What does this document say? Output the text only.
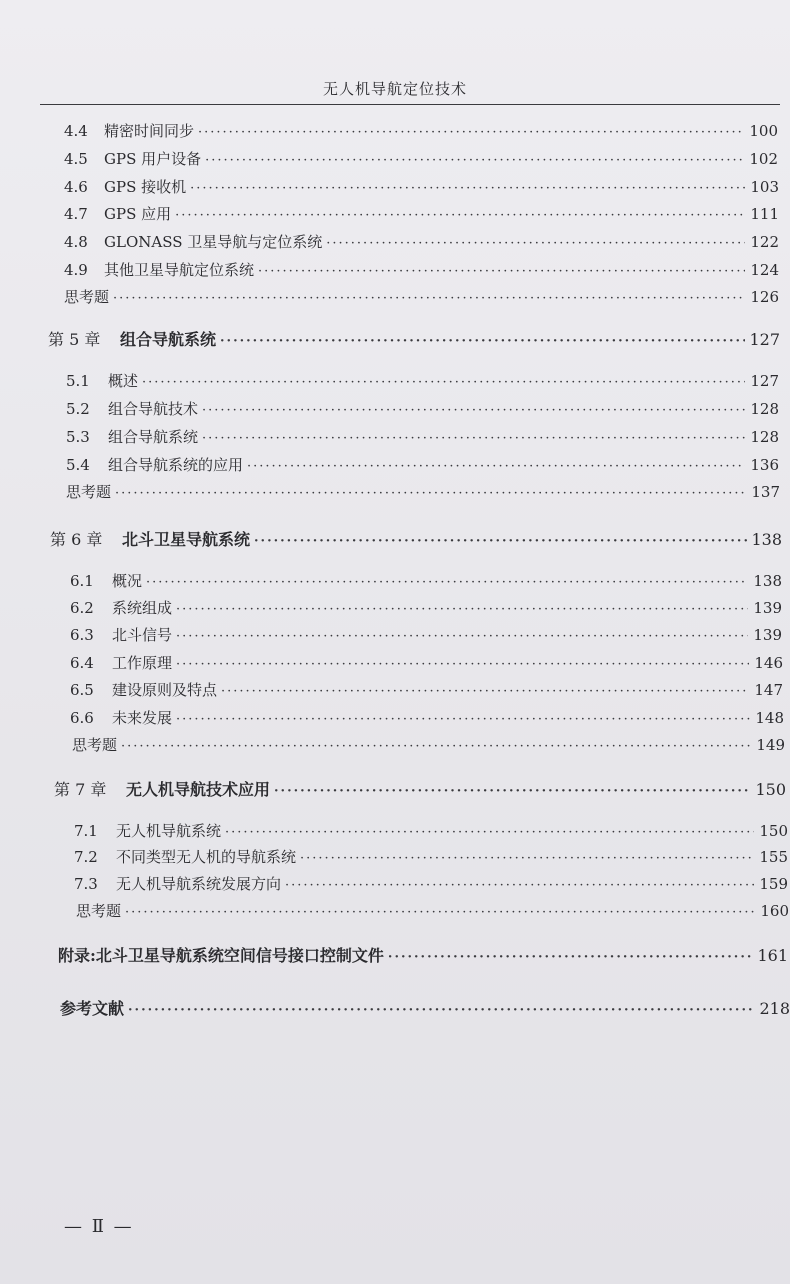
无人机导航定位技术
4.4	精密时间同步 ·····	100
4.5	GPS 用户设备 ·····	102
4.6	GPS 接收机 ·····	103
4.7	GPS 应用 ·····	111
4.8	GLONASS 卫星导航与定位系统 ·····	122
4.9	其他卫星导航定位系统 ·····	124
思考题 ·····	126
第 5 章	组合导航系统 ·····	127
5.1	概述 ·····	127
5.2	组合导航技术 ·····	128
5.3	组合导航系统 ·····	128
5.4	组合导航系统的应用 ·····	136
思考题 ·····	137
第 6 章	北斗卫星导航系统 ·····	138
6.1	概况 ·····	138
6.2	系统组成 ·····	139
6.3	北斗信号 ·····	139
6.4	工作原理 ·····	146
6.5	建设原则及特点 ·····	147
6.6	未来发展 ·····	148
思考题 ·····	149
第 7 章	无人机导航技术应用 ·····	150
7.1	无人机导航系统 ·····	150
7.2	不同类型无人机的导航系统 ·····	155
7.3	无人机导航系统发展方向 ·····	159
思考题 ·····	160
附录:北斗卫星导航系统空间信号接口控制文件 ·····	161
参考文献 ·····	218
— Ⅱ —
